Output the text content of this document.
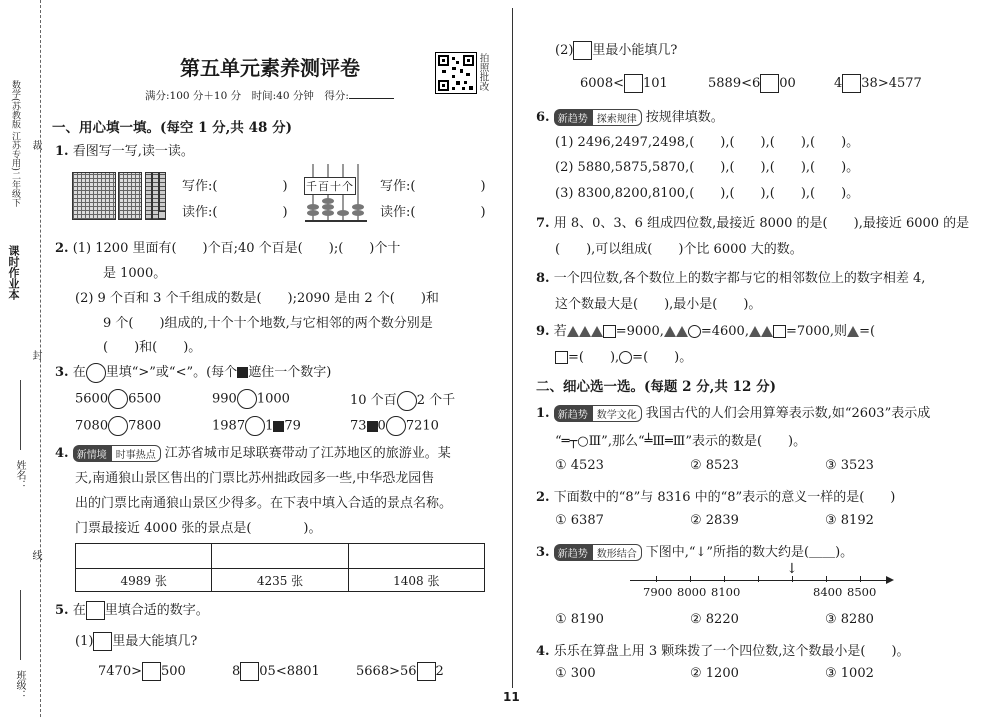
课时作业本
数学(苏教版 江苏专用)二年级下 裁
封
姓名：
线
班级：
第五单元素养测评卷
满分:100 分＋10 分　时间:40 分钟　得分:
拍照批改
一、用心填一填。(每空 1 分,共 48 分)
1. 看图写一写,读一读。
写作:(　　　　　)
读作:(　　　　　)
千百十个 写作:(　　　　　)
读作:(　　　　　)
2. (1) 1200 里面有(　　)个百;40 个百是(　　);(　　)个十
是 1000。
(2) 9 个百和 3 个千组成的数是(　　);2090 是由 2 个(　　)和
9 个(　　)组成的,十个十个地数,与它相邻的两个数分别是
(　　)和(　　)。
3. 在 里填“>”或“<”。(每个 遮住一个数字)
5600 6500	990 1000	10 个百 2 个千
7080 7800	1987 1 79	73 0 7210
4. 新情境 时事热点 江苏省城市足球联赛带动了江苏地区的旅游业。某
天,南通狼山景区售出的门票比苏州拙政园多一些,中华恐龙园售
出的门票比南通狼山景区少得多。在下表中填入合适的景点名称。
门票最接近 4000 张的景点是(　　　　)。

4989 张	4235 张	1408 张
5. 在 里填合适的数字。
(1) 里最大能填几?
7470> 500	8 05<8801	5668>56 2
(2) 里最小能填几?
6008< 101	5889<6 00	4 38>4577
6. 新趋势 探索规律 按规律填数。
(1) 2496,2497,2498,(　　),(　　),(　　),(　　)。
(2) 5880,5875,5870,(　　),(　　),(　　),(　　)。
(3) 8300,8200,8100,(　　),(　　),(　　),(　　)。
7. 用 8、0、3、6 组成四位数,最接近 8000 的是(　　),最接近 6000 的是
(　　),可以组成(　　)个比 6000 大的数。
8. 一个四位数,各个数位上的数字都与它的相邻数位上的数字相差 4,
这个数最大是(　　),最小是(　　)。
9. 若	=9000,	=4600,	=7000,则 =(
=(　　), =(　　)。
二、细心选一选。(每题 2 分,共 12 分)
1. 新趋势 数学文化 我国古代的人们会用算筹表示数,如“2603”表示成
“═┬○Ⅲ”,那么“╧Ⅲ═Ⅲ”表示的数是(　　)。
① 4523	② 8523	③ 3523
2. 下面数中的“8”与 8316 中的“8”表示的意义一样的是(　　)
① 6387	② 2839	③ 8192
3. 新趋势 数形结合 下图中,“↓”所指的数大约是(＿＿)。
↓
7900 8000 8100	8400 8500
① 8190	② 8220	③ 8280
4. 乐乐在算盘上用 3 颗珠拨了一个四位数,这个数最小是(　　)。
① 300	② 1200	③ 1002
11
